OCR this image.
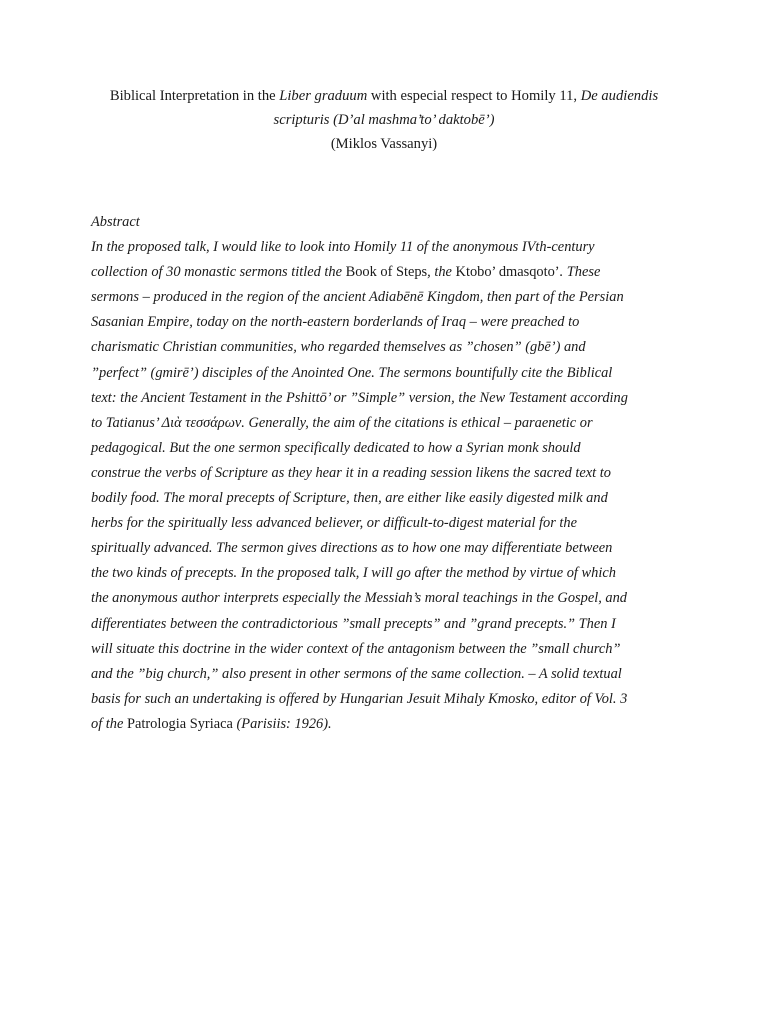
Biblical Interpretation in the Liber graduum with especial respect to Homily 11, De audiendis
scripturis (D’al mashma’to’ daktobē’)
(Miklos Vassanyi)
Abstract
In the proposed talk, I would like to look into Homily 11 of the anonymous IVth-century
collection of 30 monastic sermons titled the Book of Steps, the Ktobo’ dmasqoto’. These
sermons – produced in the region of the ancient Adiabēnē Kingdom, then part of the Persian
Sasanian Empire, today on the north-eastern borderlands of Iraq – were preached to
charismatic Christian communities, who regarded themselves as ”chosen” (gbē’) and
”perfect” (gmirē’) disciples of the Anointed One. The sermons bountifully cite the Biblical
text: the Ancient Testament in the Pshittō’ or ”Simple” version, the New Testament according
to Tatianus’ Διὰ τεσσάρων. Generally, the aim of the citations is ethical – paraenetic or
pedagogical. But the one sermon specifically dedicated to how a Syrian monk should
construe the verbs of Scripture as they hear it in a reading session likens the sacred text to
bodily food. The moral precepts of Scripture, then, are either like easily digested milk and
herbs for the spiritually less advanced believer, or difficult-to-digest material for the
spiritually advanced. The sermon gives directions as to how one may differentiate between
the two kinds of precepts. In the proposed talk, I will go after the method by virtue of which
the anonymous author interprets especially the Messiah’s moral teachings in the Gospel, and
differentiates between the contradictorious ”small precepts” and ”grand precepts.” Then I
will situate this doctrine in the wider context of the antagonism between the ”small church”
and the ”big church,” also present in other sermons of the same collection. – A solid textual
basis for such an undertaking is offered by Hungarian Jesuit Mihaly Kmosko, editor of Vol. 3
of the Patrologia Syriaca (Parisiis: 1926).
